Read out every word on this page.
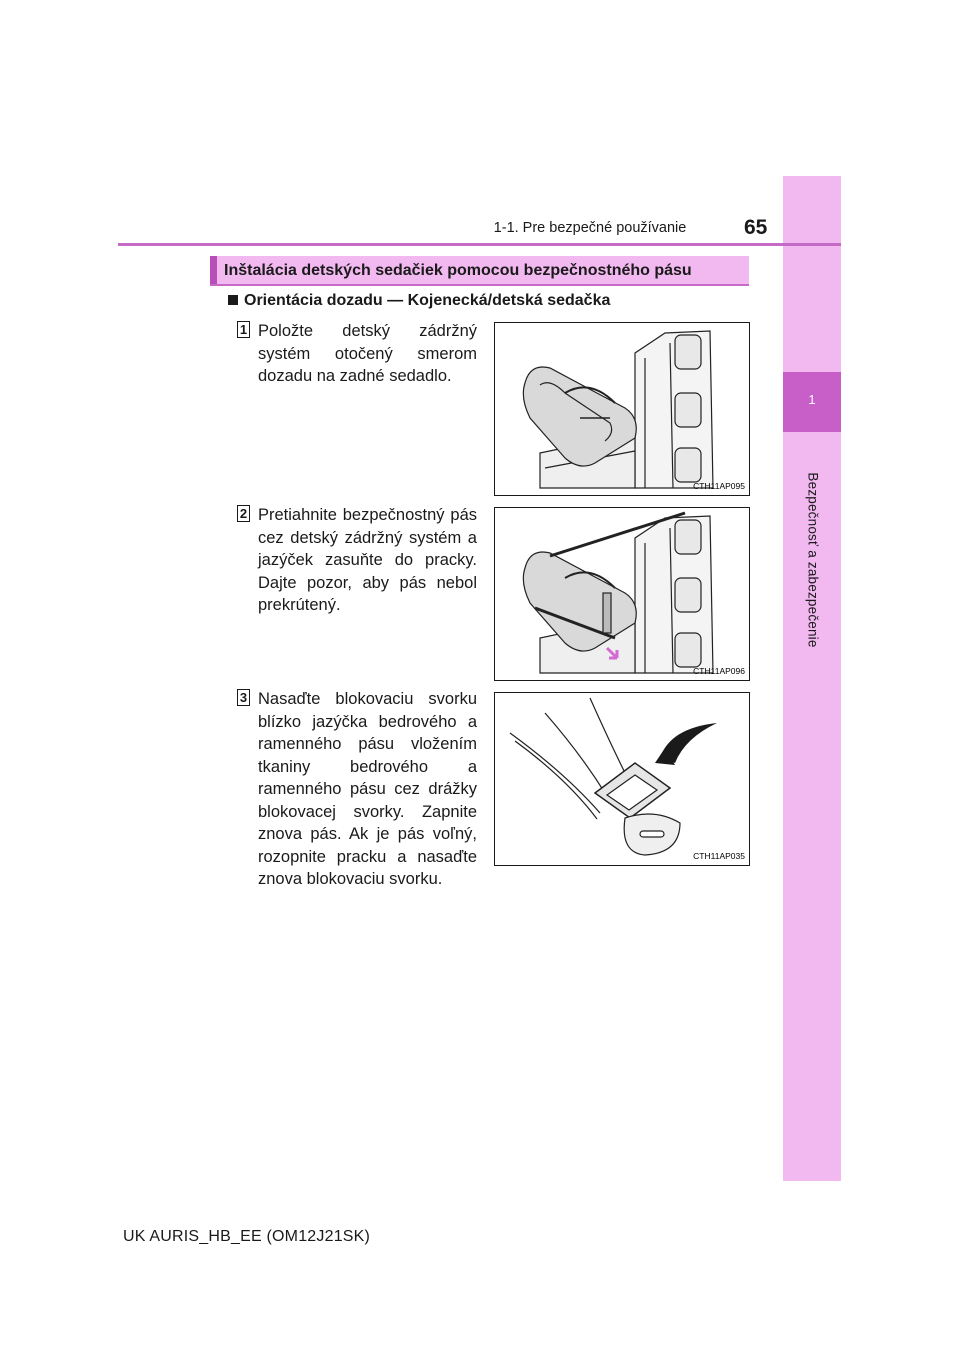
1
Bezpečnosť a zabezpečenie
1-1. Pre bezpečné používanie	65
Inštalácia detských sedačiek pomocou bezpečnostného pásu
Orientácia dozadu — Kojenecká/detská sedačka
1 Položte detský zádržný systém otočený smerom dozadu na zadné sedadlo.
CTH11AP095
2 Pretiahnite bezpečnostný pás cez detský zádržný systém a jazýček zasuňte do pracky. Dajte pozor, aby pás nebol prekrútený.
CTH11AP096
3 Nasaďte blokovaciu svorku blízko jazýčka bedrového a ramenného pásu vložením tkaniny bedrového a ramenného pásu cez drážky blokovacej svorky. Zapnite znova pás. Ak je pás voľný, rozopnite pracku a nasaďte znova blokovaciu svorku.
CTH11AP035
UK AURIS_HB_EE (OM12J21SK)
